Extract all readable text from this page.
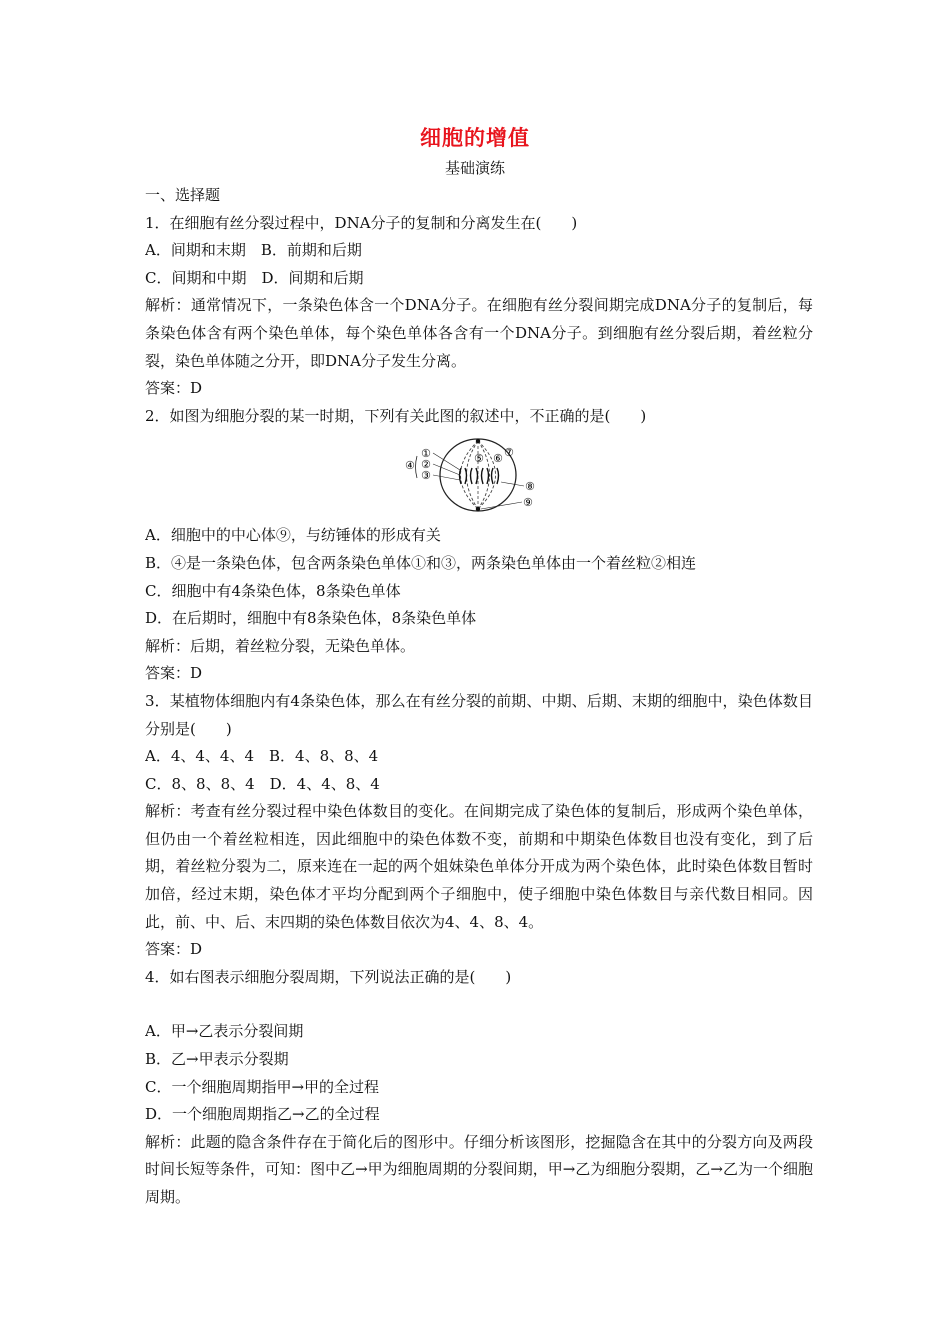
细胞的增值
基础演练
一、选择题
1．在细胞有丝分裂过程中，DNA分子的复制和分离发生在(　　)
A．间期和末期　B．前期和后期
C．间期和中期　D．间期和后期
解析：通常情况下，一条染色体含一个DNA分子。在细胞有丝分裂间期完成DNA分子的复制后，每条染色体含有两个染色单体，每个染色单体各含有一个DNA分子。到细胞有丝分裂后期，着丝粒分裂，染色单体随之分开，即DNA分子发生分离。
答案：D
2．如图为细胞分裂的某一时期，下列有关此图的叙述中，不正确的是(　　)
①
②
③
④
⑤ ⑥ ⑦
⑧
⑨
A．细胞中的中心体⑨，与纺锤体的形成有关
B．④是一条染色体，包含两条染色单体①和③，两条染色单体由一个着丝粒②相连
C．细胞中有4条染色体，8条染色单体
D．在后期时，细胞中有8条染色体，8条染色单体
解析：后期，着丝粒分裂，无染色单体。
答案：D
3．某植物体细胞内有4条染色体，那么在有丝分裂的前期、中期、后期、末期的细胞中，染色体数目分别是(　　)
A．4、4、4、4　B．4、8、8、4
C．8、8、8、4　D．4、4、8、4
解析：考查有丝分裂过程中染色体数目的变化。在间期完成了染色体的复制后，形成两个染色单体，但仍由一个着丝粒相连，因此细胞中的染色体数不变，前期和中期染色体数目也没有变化，到了后期，着丝粒分裂为二，原来连在一起的两个姐妹染色单体分开成为两个染色体，此时染色体数目暂时加倍，经过末期，染色体才平均分配到两个子细胞中，使子细胞中染色体数目与亲代数目相同。因此，前、中、后、末四期的染色体数目依次为4、4、8、4。
答案：D
4．如右图表示细胞分裂周期，下列说法正确的是(　　)
A．甲→乙表示分裂间期
B．乙→甲表示分裂期
C．一个细胞周期指甲→甲的全过程
D．一个细胞周期指乙→乙的全过程
解析：此题的隐含条件存在于简化后的图形中。仔细分析该图形，挖掘隐含在其中的分裂方向及两段时间长短等条件，可知：图中乙→甲为细胞周期的分裂间期，甲→乙为细胞分裂期，乙→乙为一个细胞周期。
